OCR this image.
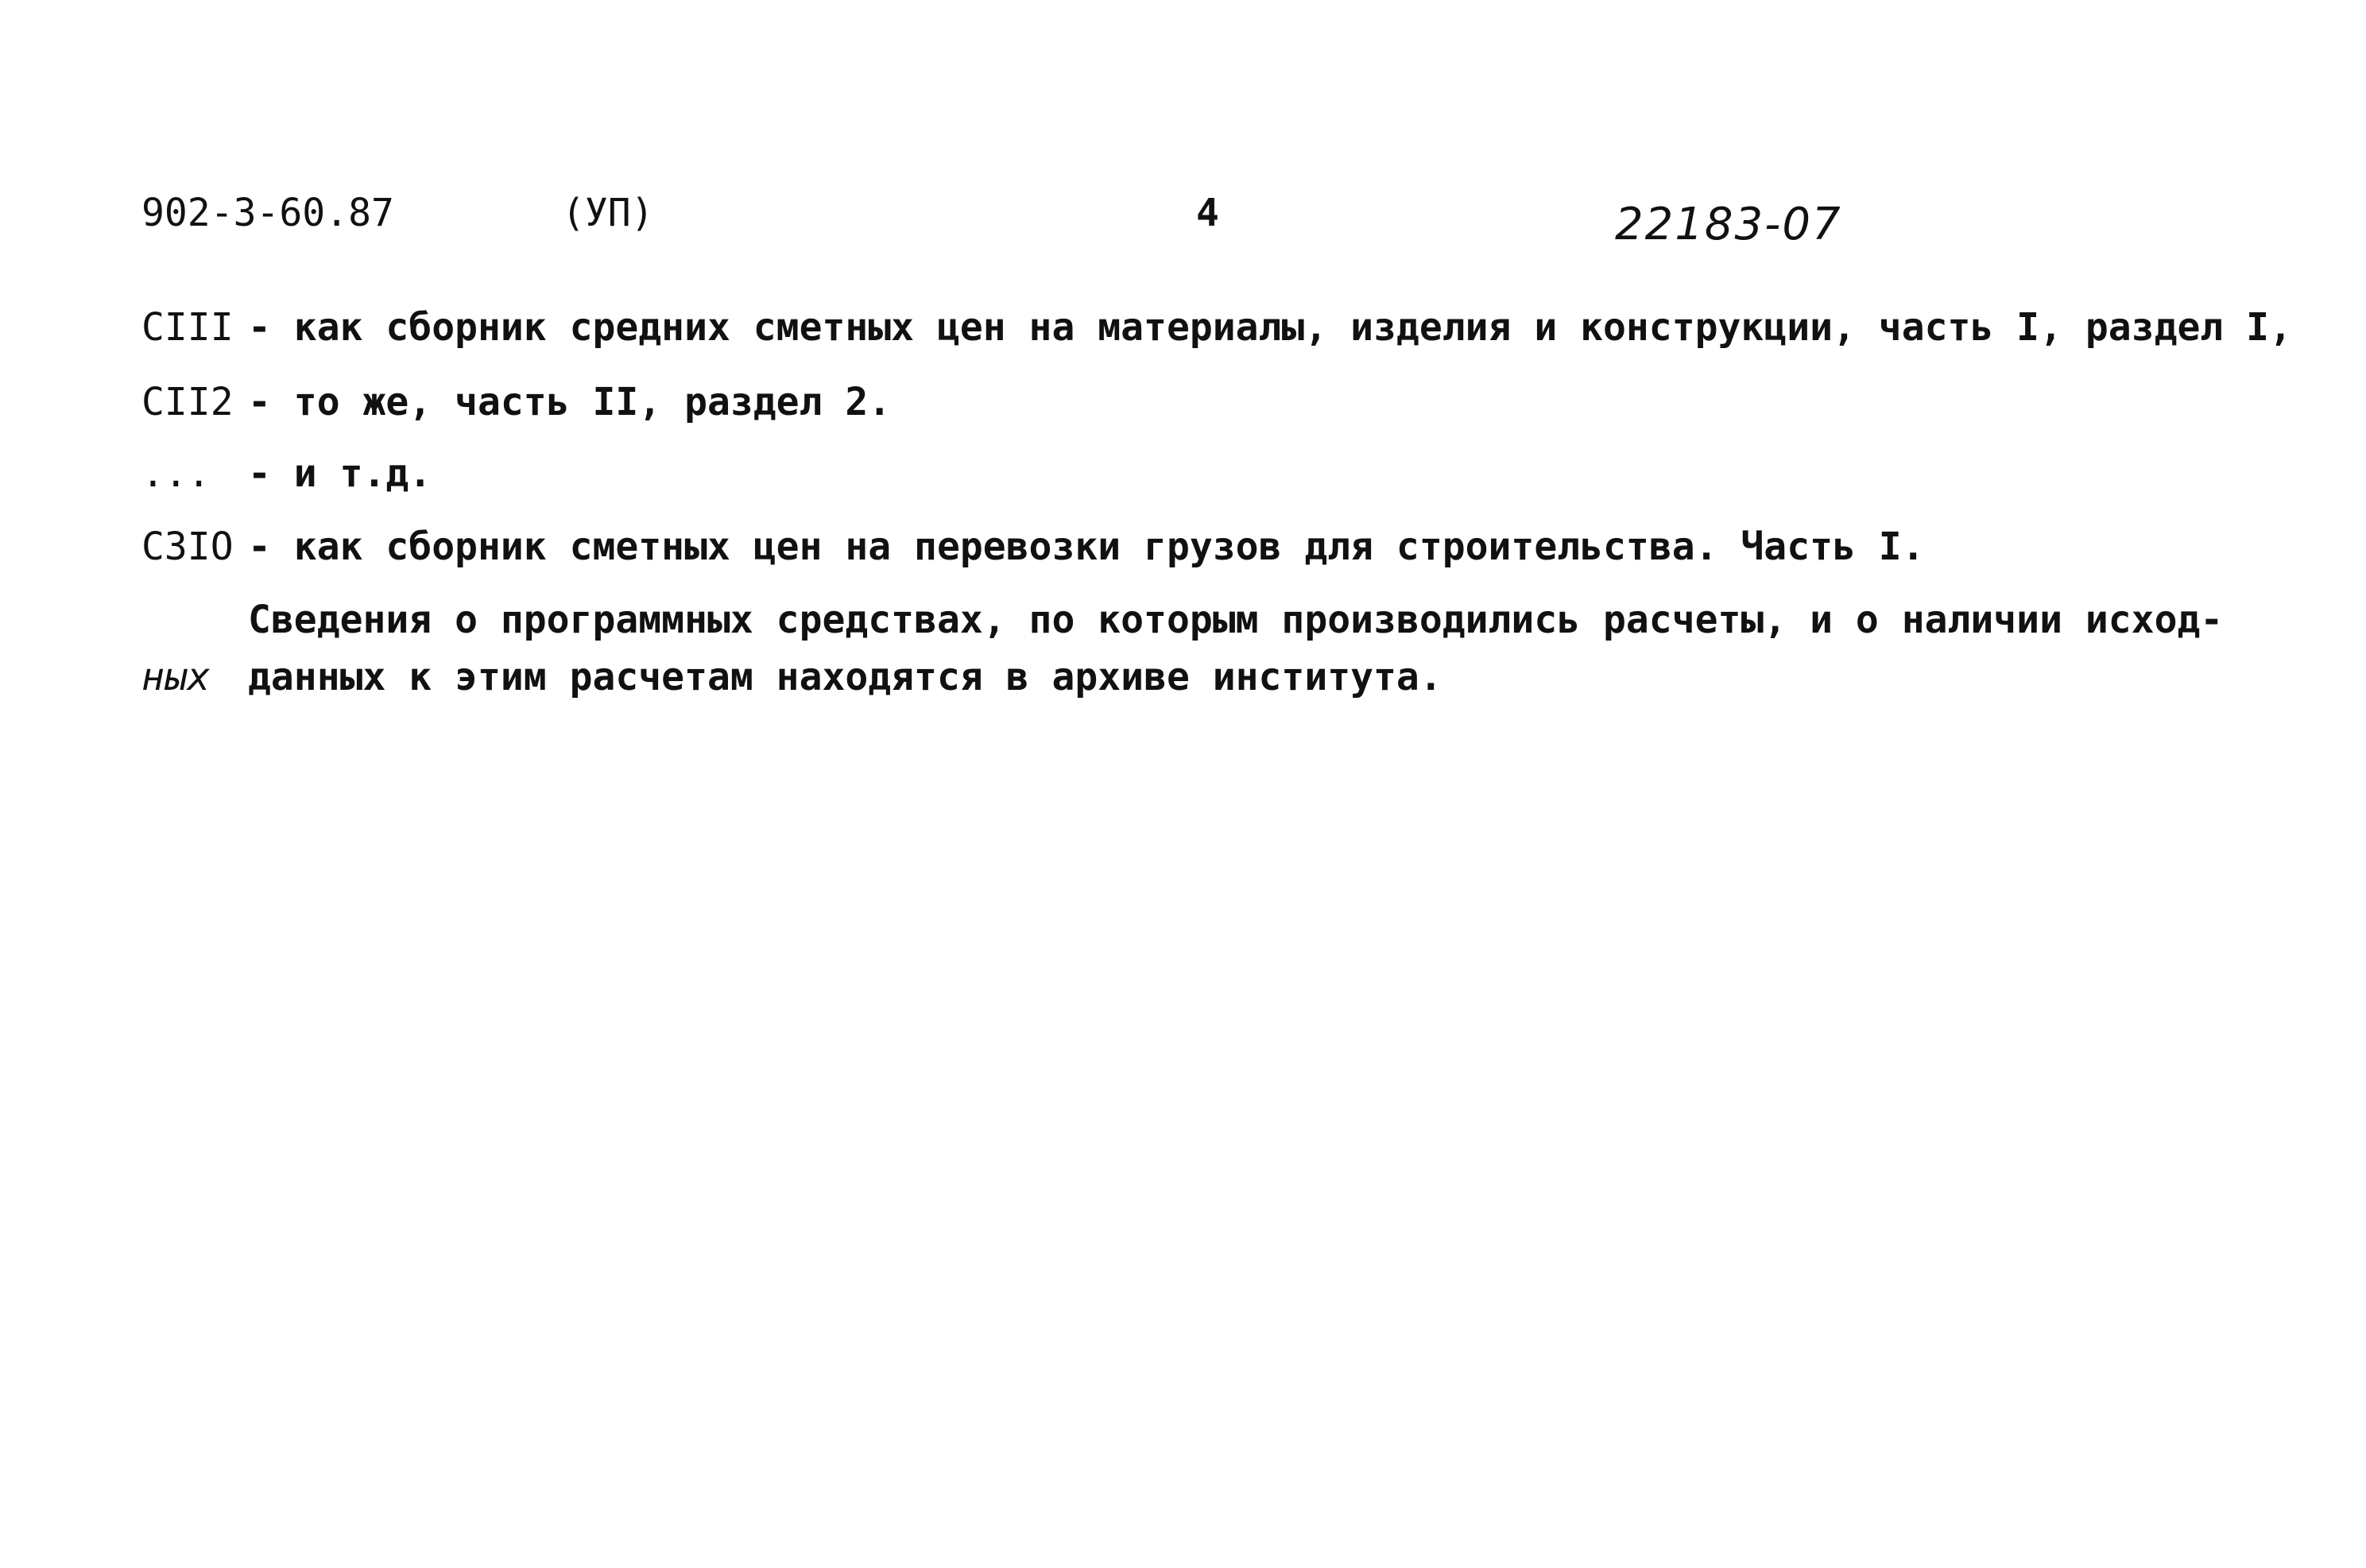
902-3-60.87	(УП)	4	22183-07
CIII - как сборник средних сметных цен на материалы, изделия и конструкции, часть I, раздел I,
CII2 - то же, часть II, раздел 2.
... - и т.д.
C3IO - как сборник сметных цен на перевозки грузов для строительства. Часть I.
Сведения о программных средствах, по которым производились расчеты, и о наличии исход-
ных данных к этим расчетам находятся в архиве института.
